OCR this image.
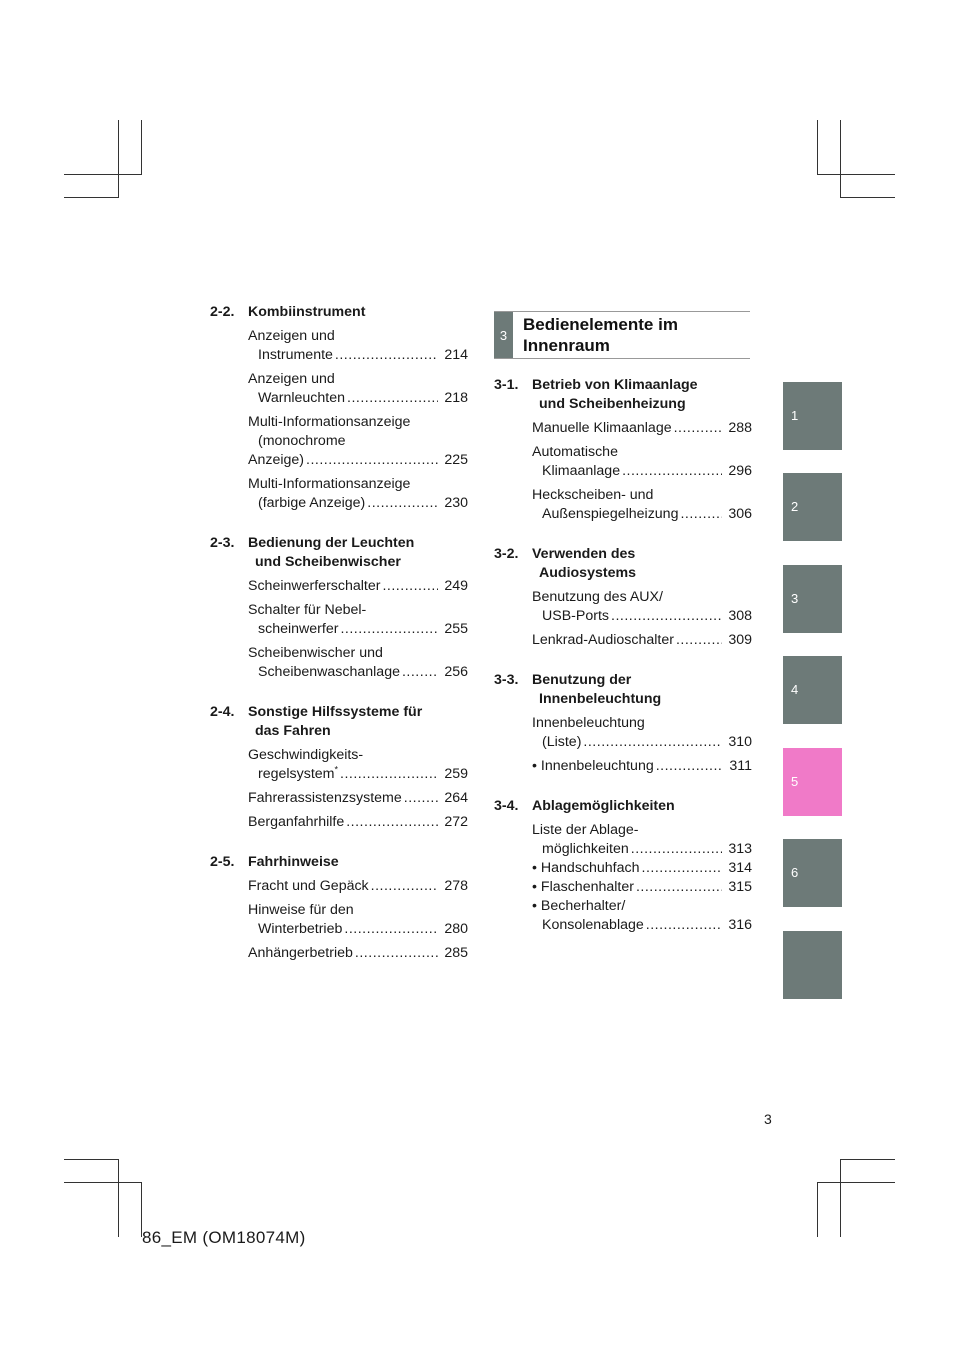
2-2. Kombiinstrument
Anzeigen und
Instrumente .....	214
Anzeigen und
Warnleuchten .....	218
Multi-Informationsanzeige
(monochrome
Anzeige) .....	225
Multi-Informationsanzeige
(farbige Anzeige) .....	230
2-3. Bedienung der Leuchten
und Scheibenwischer
Scheinwerferschalter .....	249
Schalter für Nebel-
scheinwerfer .....	255
Scheibenwischer und
Scheibenwaschanlage .....	256
2-4. Sonstige Hilfssysteme für
das Fahren
Geschwindigkeits-
regelsystem* .....	259
Fahrerassistenzsysteme .....	264
Berganfahrhilfe .....	272
2-5. Fahrhinweise
Fracht und Gepäck .....	278
Hinweise für den
Winterbetrieb .....	280
Anhängerbetrieb .....	285
3
Bedienelemente im
Innenraum
3-1. Betrieb von Klimaanlage
und Scheibenheizung
Manuelle Klimaanlage .....	288
Automatische
Klimaanlage .....	296
Heckscheiben- und
Außenspiegelheizung .....	306
3-2. Verwenden des
Audiosystems
Benutzung des AUX/
USB-Ports .....	308
Lenkrad-Audioschalter .....	309
3-3. Benutzung der
Innenbeleuchtung
Innenbeleuchtung
(Liste) .....	310
• Innenbeleuchtung .....	311
3-4. Ablagemöglichkeiten
Liste der Ablage-
möglichkeiten .....	313
• Handschuhfach .....	314
• Flaschenhalter .....	315
• Becherhalter/
Konsolenablage .....	316
1
2
3
4
5
6
3
86_EM (OM18074M)
